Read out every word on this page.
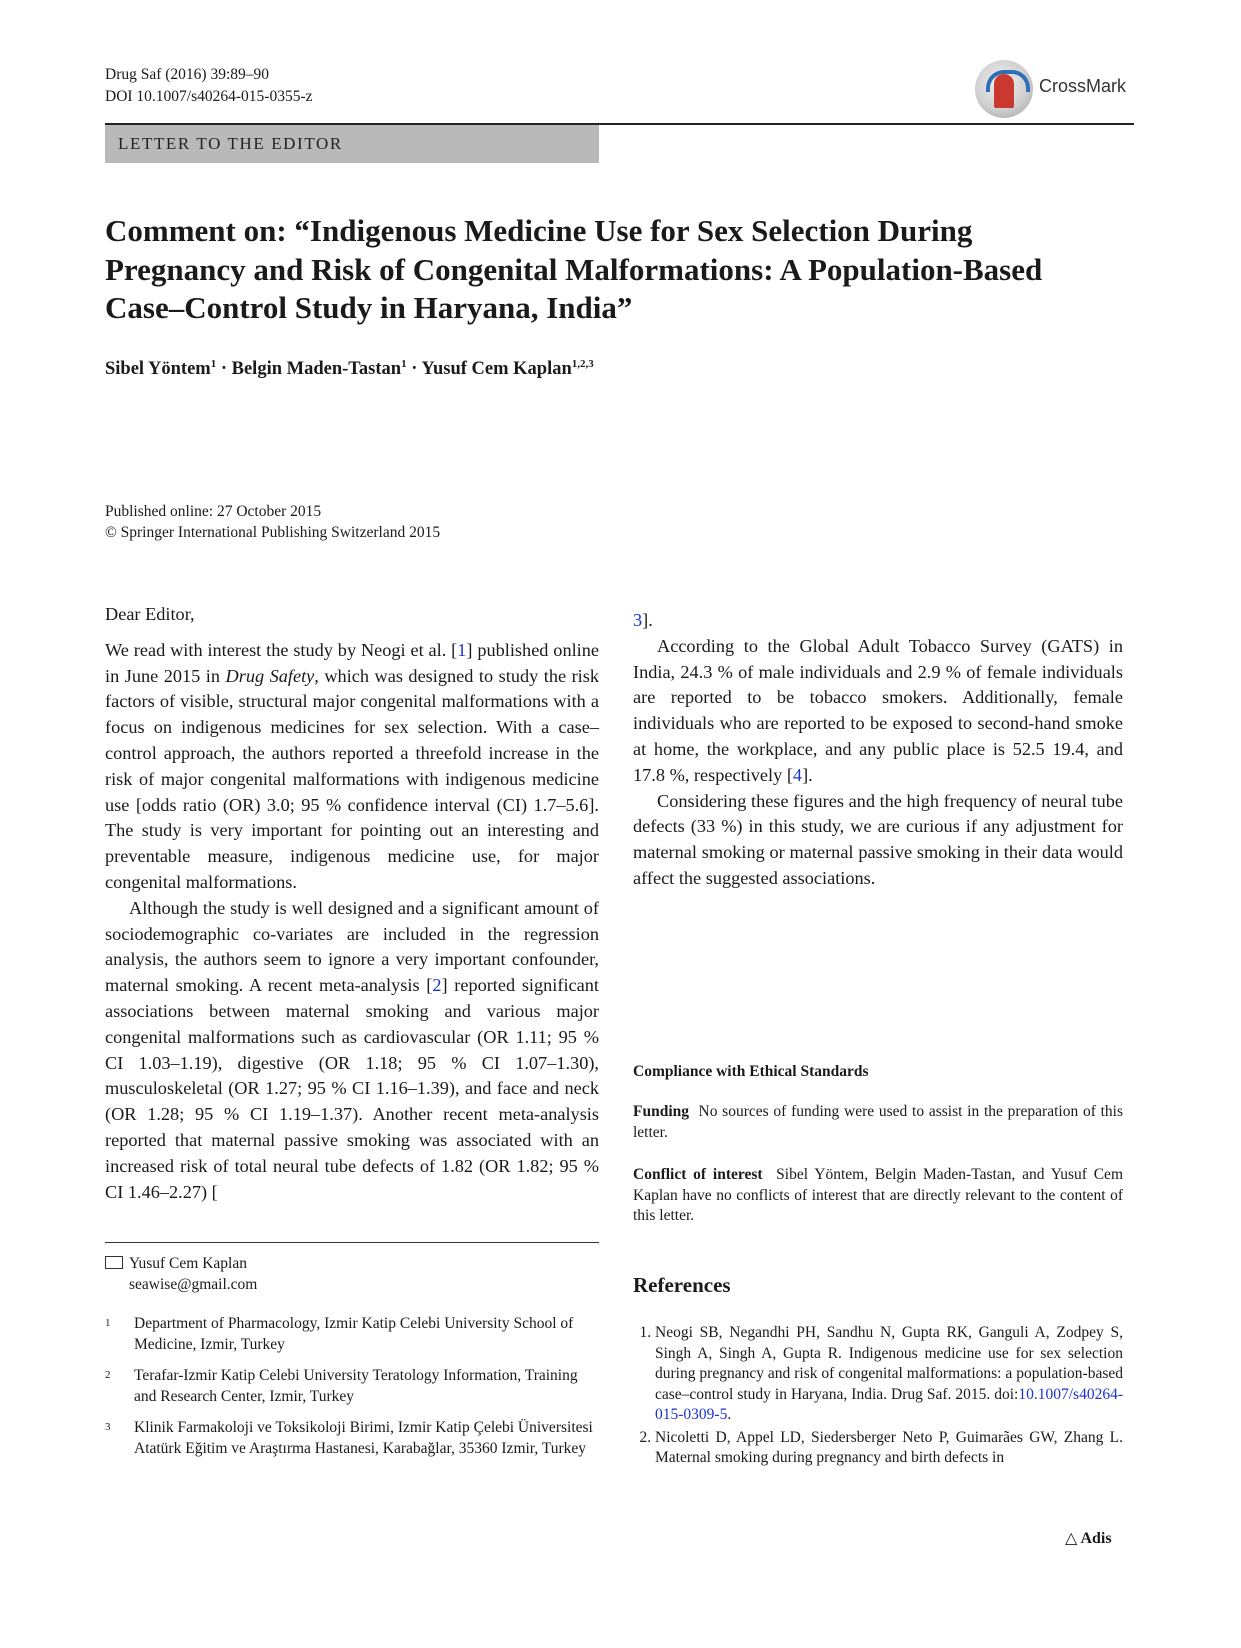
Drug Saf (2016) 39:89–90
DOI 10.1007/s40264-015-0355-z
CrossMark
LETTER TO THE EDITOR
Comment on: “Indigenous Medicine Use for Sex Selection During Pregnancy and Risk of Congenital Malformations: A Population-Based Case–Control Study in Haryana, India”
Sibel Yöntem$^1$ · Belgin Maden-Tastan$^1$ · Yusuf Cem Kaplan$^{1,2,3}$
Published online: 27 October 2015
© Springer International Publishing Switzerland 2015

Dear Editor,

We read with interest the study by Neogi et al. [1] published online in June 2015 in Drug Safety, which was designed to study the risk factors of visible, structural major congenital malformations with a focus on indigenous medicines for sex selection. With a case–control approach, the authors reported a threefold increase in the risk of major congenital malformations with indigenous medicine use [odds ratio (OR) 3.0; 95 % confidence interval (CI) 1.7–5.6]. The study is very important for pointing out an interesting and preventable measure, indigenous medicine use, for major congenital malformations.

Although the study is well designed and a significant amount of sociodemographic co-variates are included in the regression analysis, the authors seem to ignore a very important confounder, maternal smoking. A recent meta-analysis [2] reported significant associations between maternal smoking and various major congenital malformations such as cardiovascular (OR 1.11; 95 % CI 1.03–1.19), digestive (OR 1.18; 95 % CI 1.07–1.30), musculoskeletal (OR 1.27; 95 % CI 1.16–1.39), and face and neck (OR 1.28; 95 % CI 1.19–1.37). Another recent meta-analysis reported that maternal passive smoking was associated with an increased risk of total neural tube defects of 1.82 (OR 1.82; 95 % CI 1.46–2.27) [

3].

According to the Global Adult Tobacco Survey (GATS) in India, 24.3 % of male individuals and 2.9 % of female individuals are reported to be tobacco smokers. Additionally, female individuals who are reported to be exposed to second-hand smoke at home, the workplace, and any public place is 52.5 19.4, and 17.8 %, respectively [4].

Considering these figures and the high frequency of neural tube defects (33 %) in this study, we are curious if any adjustment for maternal smoking or maternal passive smoking in their data would affect the suggested associations.

Compliance with Ethical Standards
Funding No sources of funding were used to assist in the preparation of this letter.
Conflict of interest Sibel Yöntem, Belgin Maden-Tastan, and Yusuf Cem Kaplan have no conflicts of interest that are directly relevant to the content of this letter.
References
1. Neogi SB, Negandhi PH, Sandhu N, Gupta RK, Ganguli A, Zodpey S, Singh A, Singh A, Gupta R. Indigenous medicine use for sex selection during pregnancy and risk of congenital malformations: a population-based case–control study in Haryana, India. Drug Saf. 2015. doi:10.1007/s40264-015-0309-5.
2. Nicoletti D, Appel LD, Siedersberger Neto P, Guimarães GW, Zhang L. Maternal smoking during pregnancy and birth defects in
Yusuf Cem Kaplan
seawise@gmail.com
1 Department of Pharmacology, Izmir Katip Celebi University School of Medicine, Izmir, Turkey
2 Terafar-Izmir Katip Celebi University Teratology Information, Training and Research Center, Izmir, Turkey
3 Klinik Farmakoloji ve Toksikoloji Birimi, Izmir Katip Çelebi Üniversitesi Atatürk Eğitim ve Araştırma Hastanesi, Karabağlar, 35360 Izmir, Turkey
△ Adis
